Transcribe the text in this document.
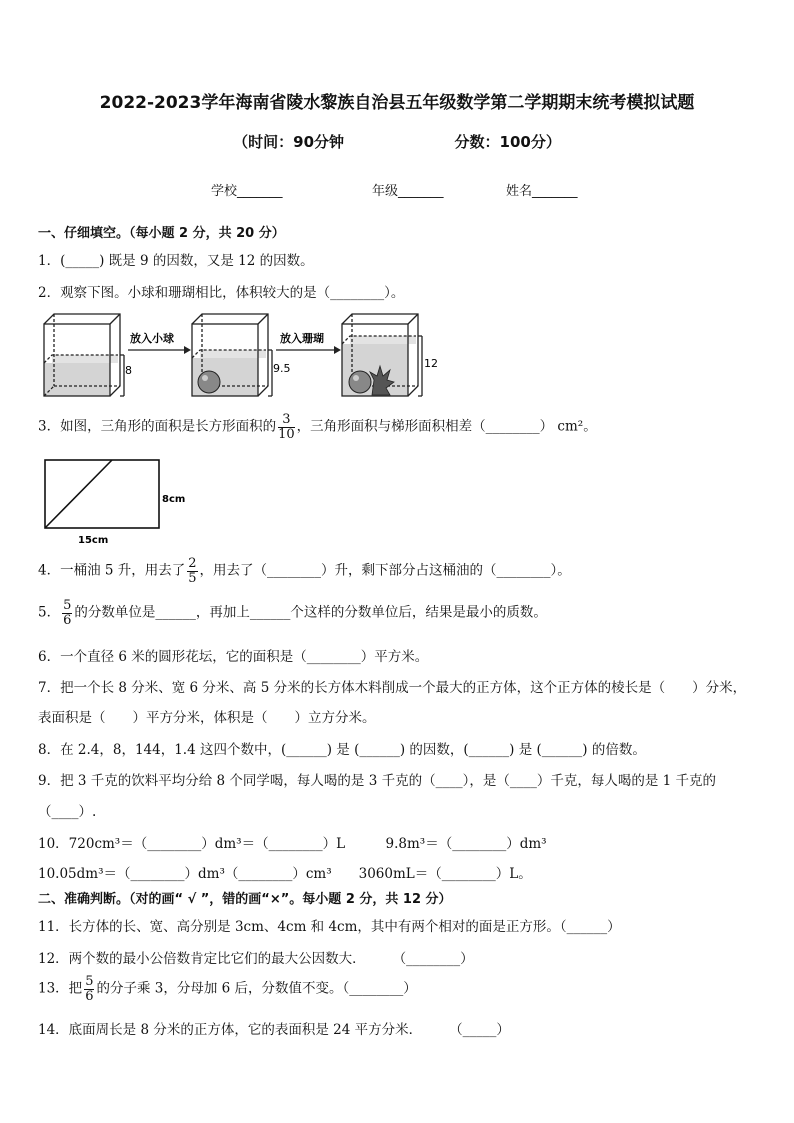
2022-2023学年海南省陵水黎族自治县五年级数学第二学期期末统考模拟试题
（时间：90分钟	分数：100分）
学校_______	年级_______	姓名_______
一、仔细填空。（每小题 2 分，共 20 分）
1．(_____) 既是 9 的因数，又是 12 的因数。
2．观察下图。小球和珊瑚相比，体积较大的是（________）。
8
放入小球
9.5
放入珊瑚
12
3．如图，三角形的面积是长方形面积的 $\frac{3}{10}$ ，三角形面积与梯形面积相差（________） cm²。
8cm
15cm
4．一桶油 5 升，用去了 $\frac{2}{5}$ ，用去了（________）升，剩下部分占这桶油的（________）。
5． $\frac{5}{6}$ 的分数单位是______，再加上______个这样的分数单位后，结果是最小的质数。
6．一个直径 6 米的圆形花坛，它的面积是（________）平方米。
7．把一个长 8 分米、宽 6 分米、高 5 分米的长方体木料削成一个最大的正方体，这个正方体的棱长是（　　）分米，
表面积是（　　）平方分米，体积是（　　）立方分米。
8．在 2.4，8，144，1.4 这四个数中，(______) 是 (______) 的因数，(______) 是 (______) 的倍数。
9．把 3 千克的饮料平均分给 8 个同学喝，每人喝的是 3 千克的（____），是（____）千克，每人喝的是 1 千克的
（____）.
10．720cm³＝（________）dm³＝（________）L　　　9.8m³＝（________）dm³
10.05dm³＝（________）dm³（________）cm³　　3060mL＝（________）L。
二、准确判断。（对的画“ √ ”，错的画“×”。每小题 2 分，共 12 分）
11．长方体的长、宽、高分别是 3cm、4cm 和 4cm，其中有两个相对的面是正方形。（______）
12．两个数的最小公倍数肯定比它们的最大公因数大．　　　（________）
13．把 $\frac{5}{6}$ 的分子乘 3，分母加 6 后，分数值不变。（________）
14．底面周长是 8 分米的正方体，它的表面积是 24 平方分米．　　　（_____）
